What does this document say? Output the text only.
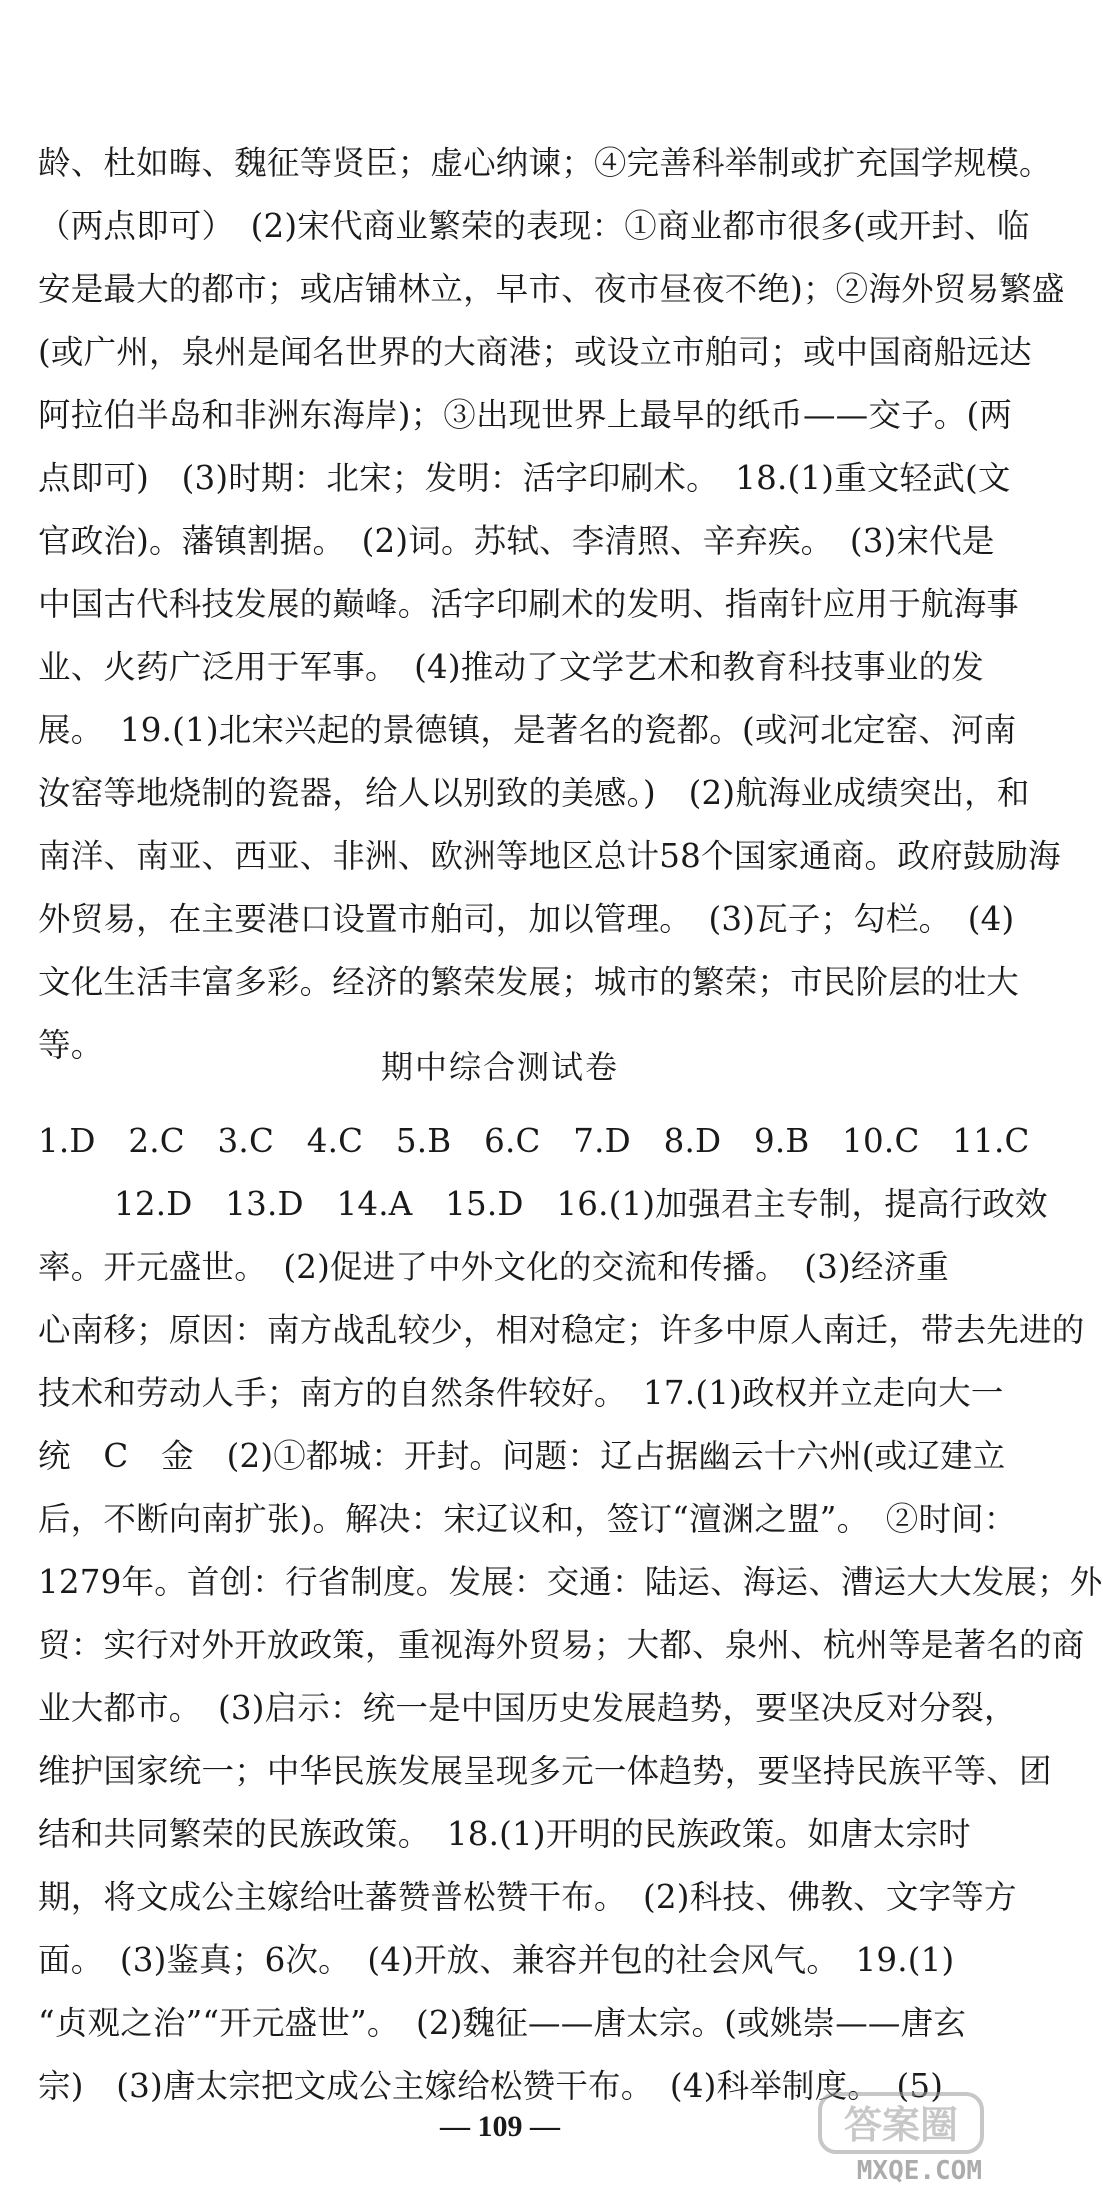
龄、杜如晦、魏征等贤臣；虚心纳谏；④完善科举制或扩充国学规模。
（两点即可）　(2)宋代商业繁荣的表现：①商业都市很多(或开封、临
安是最大的都市；或店铺林立，早市、夜市昼夜不绝)；②海外贸易繁盛
(或广州，泉州是闻名世界的大商港；或设立市舶司；或中国商船远达
阿拉伯半岛和非洲东海岸)；③出现世界上最早的纸币——交子。(两
点即可)　(3)时期：北宋；发明：活字印刷术。　18.(1)重文轻武(文
官政治)。藩镇割据。　(2)词。苏轼、李清照、辛弃疾。　(3)宋代是
中国古代科技发展的巅峰。活字印刷术的发明、指南针应用于航海事
业、火药广泛用于军事。　(4)推动了文学艺术和教育科技事业的发
展。　19.(1)北宋兴起的景德镇，是著名的瓷都。(或河北定窑、河南
汝窑等地烧制的瓷器，给人以别致的美感。)　(2)航海业成绩突出，和
南洋、南亚、西亚、非洲、欧洲等地区总计58个国家通商。政府鼓励海
外贸易，在主要港口设置市舶司，加以管理。　(3)瓦子；勾栏。　(4)
文化生活丰富多彩。经济的繁荣发展；城市的繁荣；市民阶层的壮大
等。
期中综合测试卷
1.D　2.C　3.C　4.C　5.B　6.C　7.D　8.D　9.B　10.C　11.C
12.D　13.D　14.A　15.D　16.(1)加强君主专制，提高行政效
率。开元盛世。　(2)促进了中外文化的交流和传播。　(3)经济重
心南移；原因：南方战乱较少，相对稳定；许多中原人南迁，带去先进的
技术和劳动人手；南方的自然条件较好。　17.(1)政权并立走向大一
统　C　金　(2)①都城：开封。问题：辽占据幽云十六州(或辽建立
后，不断向南扩张)。解决：宋辽议和，签订“澶渊之盟”。　②时间：
1279年。首创：行省制度。发展：交通：陆运、海运、漕运大大发展；外
贸：实行对外开放政策，重视海外贸易；大都、泉州、杭州等是著名的商
业大都市。　(3)启示：统一是中国历史发展趋势，要坚决反对分裂，
维护国家统一；中华民族发展呈现多元一体趋势，要坚持民族平等、团
结和共同繁荣的民族政策。　18.(1)开明的民族政策。如唐太宗时
期，将文成公主嫁给吐蕃赞普松赞干布。　(2)科技、佛教、文字等方
面。　(3)鉴真；6次。　(4)开放、兼容并包的社会风气。　19.(1)
“贞观之治”“开元盛世”。　(2)魏征——唐太宗。(或姚崇——唐玄
宗)　(3)唐太宗把文成公主嫁给松赞干布。　(4)科举制度。　(5)
— 109 —	答案圈
MXQE.COM
